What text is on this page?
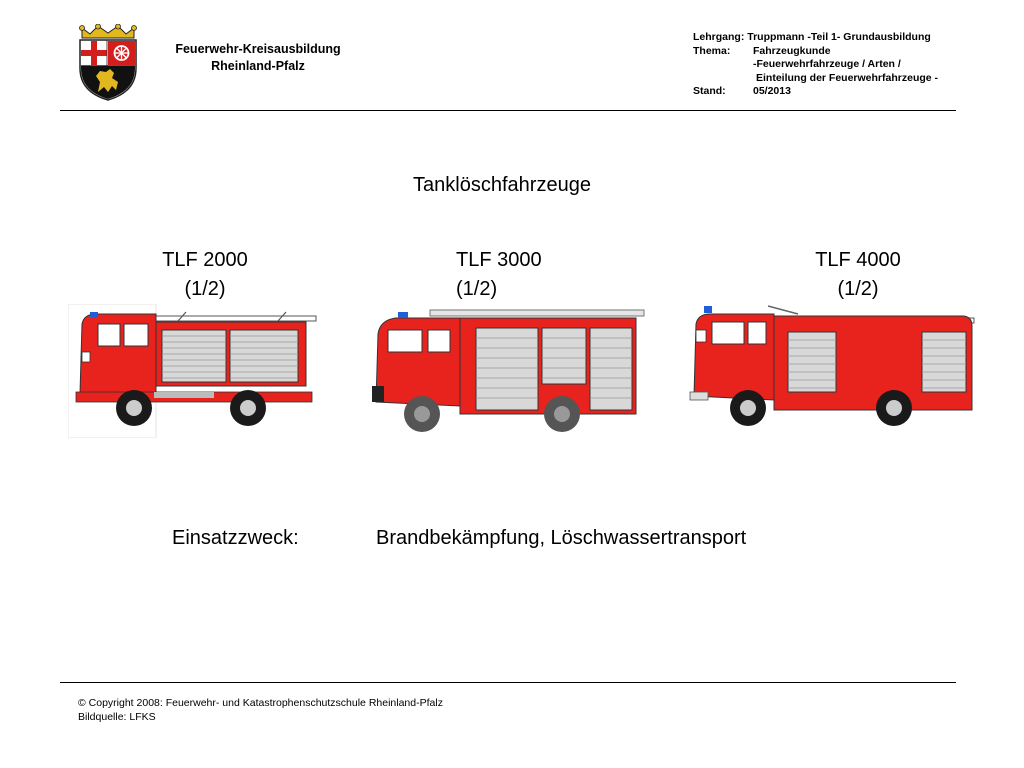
Feuerwehr-Kreisausbildung
Rheinland-Pfalz
Lehrgang: Truppmann -Teil 1- Grundausbildung
Thema: Fahrzeugkunde
-Feuerwehrfahrzeuge / Arten /
Einteilung der Feuerwehrfahrzeuge -
Stand:	05/2013
Tanklöschfahrzeuge
TLF 2000
(1/2)
TLF 3000
(1/2)
TLF 4000
(1/2)
Einsatzzweck:	Brandbekämpfung, Löschwassertransport
© Copyright 2008: Feuerwehr- und Katastrophenschutzschule Rheinland-Pfalz
Bildquelle: LFKS
